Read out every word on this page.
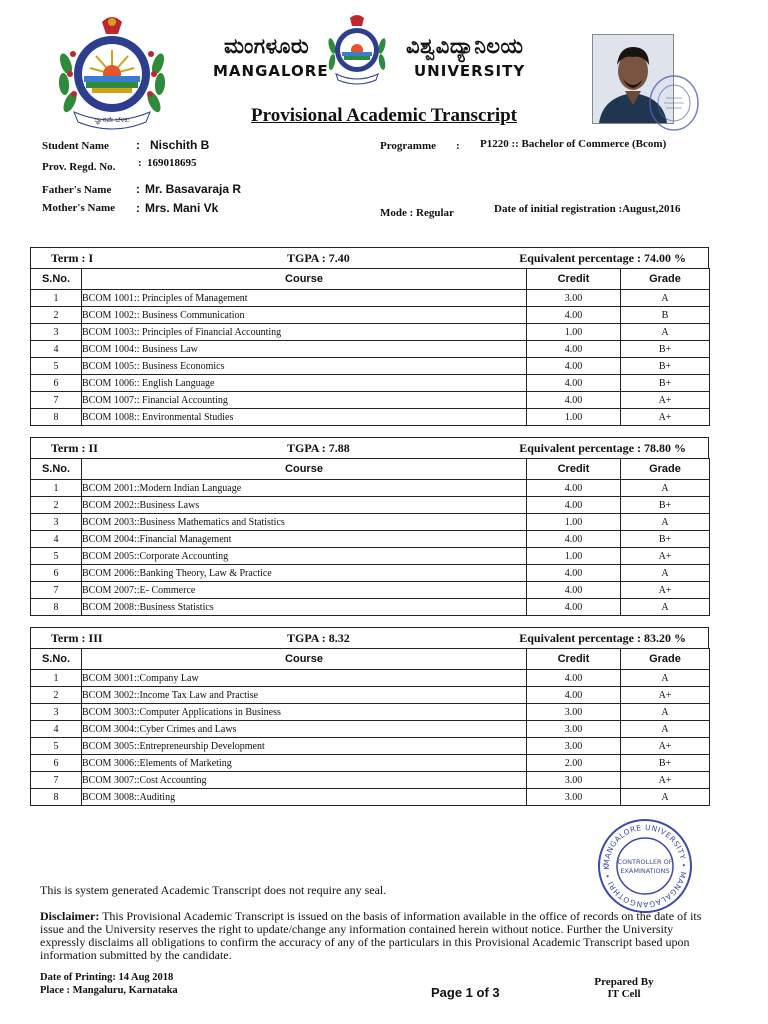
ಜ್ಞಾನವೇ ಬೆಳಕು
ಮಂಗಳೂರು	ವಿಶ್ವವಿದ್ಯಾನಿಲಯ
MANGALORE	UNIVERSITY
Provisional Academic Transcript
Student Name : Nischith B
Prov. Regd. No. : 169018695
Father's Name : Mr. Basavaraja R
Mother's Name : Mrs. Mani Vk
Programme : P1220 :: Bachelor of Commerce (Bcom)
Mode : Regular	Date of initial registration :August,2016
Term : I	TGPA : 7.40	Equivalent percentage : 74.00 %
S.No.	Course	Credit	Grade
1	BCOM 1001:: Principles of Management	3.00	A
2	BCOM 1002:: Business Communication	4.00	B
3	BCOM 1003:: Principles of Financial Accounting	1.00	A
4	BCOM 1004:: Business Law	4.00	B+
5	BCOM 1005:: Business Economics	4.00	B+
6	BCOM 1006:: English Language	4.00	B+
7	BCOM 1007:: Financial Accounting	4.00	A+
8	BCOM 1008:: Environmental Studies	1.00	A+
Term : II	TGPA : 7.88	Equivalent percentage : 78.80 %
S.No.	Course	Credit	Grade
1	BCOM 2001::Modern Indian Language	4.00	A
2	BCOM 2002::Business Laws	4.00	B+
3	BCOM 2003::Business Mathematics and Statistics	1.00	A
4	BCOM 2004::Financial Management	4.00	B+
5	BCOM 2005::Corporate Accounting	1.00	A+
6	BCOM 2006::Banking Theory, Law & Practice	4.00	A
7	BCOM 2007::E- Commerce	4.00	A+
8	BCOM 2008::Business Statistics	4.00	A
Term : III	TGPA : 8.32	Equivalent percentage : 83.20 %
S.No.	Course	Credit	Grade
1	BCOM 3001::Company Law	4.00	A
2	BCOM 3002::Income Tax Law and Practise	4.00	A+
3	BCOM 3003::Computer Applications in Business	3.00	A
4	BCOM 3004::Cyber Crimes and Laws	3.00	A
5	BCOM 3005::Entrepreneurship Development	3.00	A+
6	BCOM 3006::Elements of Marketing	2.00	B+
7	BCOM 3007::Cost Accounting	3.00	A+
8	BCOM 3008::Auditing	3.00	A
MANGALORE UNIVERSITY • MANGALAGANGOTHRI • K
CONTROLLER OF
EXAMINATIONS
This is system generated Academic Transcript does not require any seal.
Disclaimer: This Provisional Academic Transcript is issued on the basis of information available in the office of records on the date of its issue and the University reserves the right to update/change any information contained herein without notice. Further the University expressly disclaims all obligations to confirm the accuracy of any of the particulars in this Provisional Academic Transcript based upon information submitted by the candidate.
Date of Printing: 14 Aug 2018
Place : Mangaluru, Karnataka	Page 1 of 3
Prepared By
IT Cell
